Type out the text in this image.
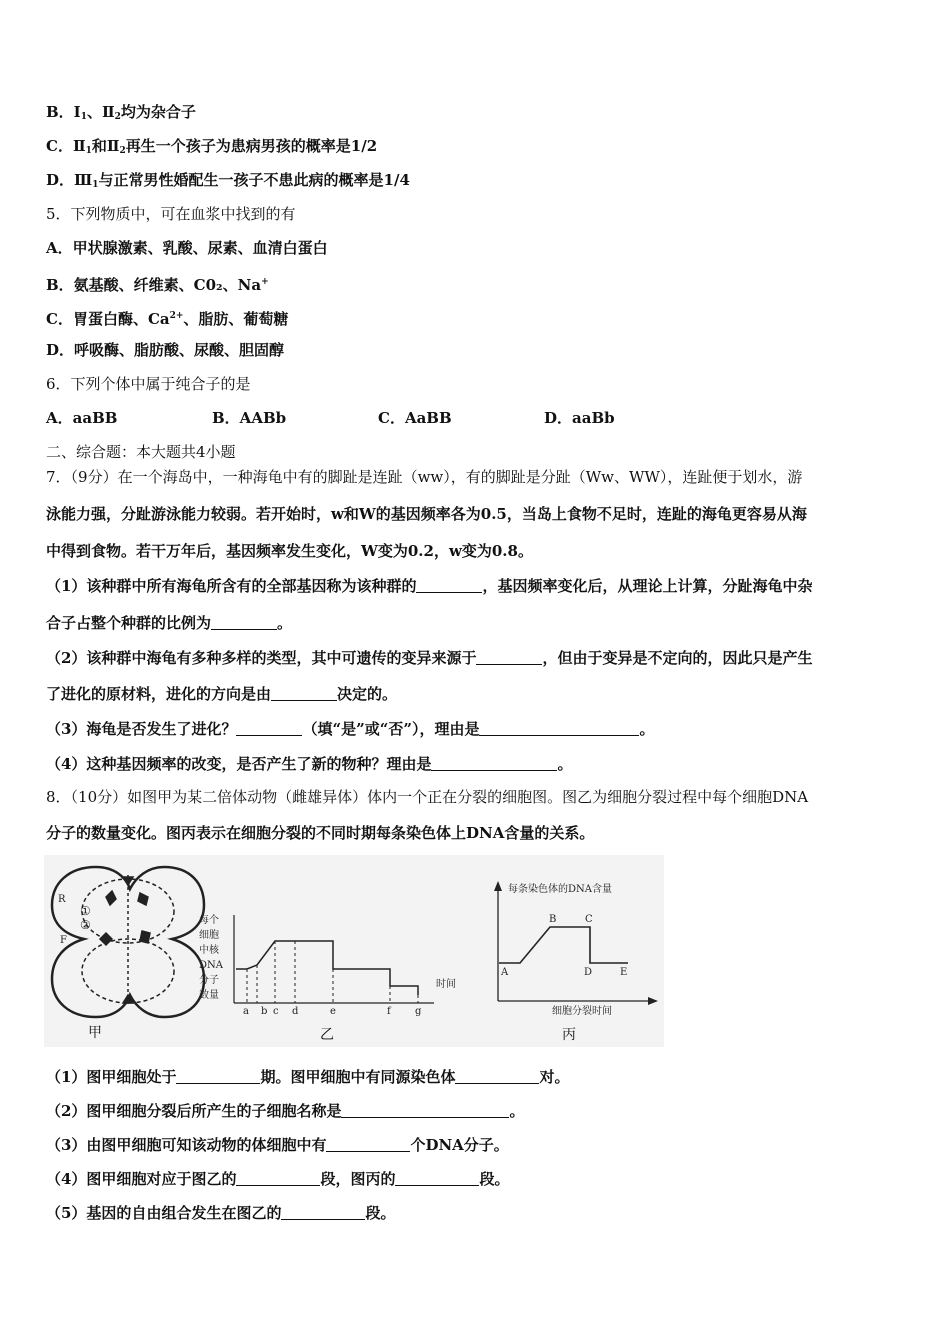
B．$Ⅰ_1$、$Ⅱ_2$均为杂合子
C．$Ⅱ_1$和$Ⅱ_2$再生一个孩子为患病男孩的概率是1/2
D．$Ⅲ_1$与正常男性婚配生一孩子不患此病的概率是1/4
5．下列物质中，可在血浆中找到的有
A．甲状腺激素、乳酸、尿素、血清白蛋白
B．氨基酸、纤维素、C0₂、Na+
C．胃蛋白酶、$Ca^{2+}$、脂肪、葡萄糖
D．呼吸酶、脂肪酸、尿酸、胆固醇
6．下列个体中属于纯合子的是
A．aaBB	B．AABb	C．AaBB	D．aaBb
二、综合题：本大题共4小题
7．（9分）在一个海岛中，一种海龟中有的脚趾是连趾（ww），有的脚趾是分趾（Ww、WW），连趾便于划水，游
泳能力强，分趾游泳能力较弱。若开始时，w和W的基因频率各为0.5，当岛上食物不足时，连趾的海龟更容易从海
中得到食物。若干万年后，基因频率发生变化，W变为0.2，w变为0.8。
（1）该种群中所有海龟所含有的全部基因称为该种群的	，基因频率变化后，从理论上计算，分趾海龟中杂
合子占整个种群的比例为	。
（2）该种群中海龟有多种多样的类型，其中可遗传的变异来源于	，但由于变异是不定向的，因此只是产生
了进化的原材料，进化的方向是由	决定的。
（3）海龟是否发生了进化？	（填“是”或“否”），理由是	。
（4）这种基因频率的改变，是否产生了新的物种？理由是	。
8．（10分）如图甲为某二倍体动物（雌雄异体）体内一个正在分裂的细胞图。图乙为细胞分裂过程中每个细胞DNA
分子的数量变化。图丙表示在细胞分裂的不同时期每条染色体上DNA含量的关系。
R
F
①
②
甲
每个
细胞
中核
DNA
分子
数量
a b c d	e	f g
时间
乙
每条染色体的DNA含量
A
B	C
D	E
细胞分裂时间
丙
（1）图甲细胞处于	期。图甲细胞中有同源染色体	对。
（2）图甲细胞分裂后所产生的子细胞名称是	。
（3）由图甲细胞可知该动物的体细胞中有	个DNA分子。
（4）图甲细胞对应于图乙的	段，图丙的	段。
（5）基因的自由组合发生在图乙的	段。
